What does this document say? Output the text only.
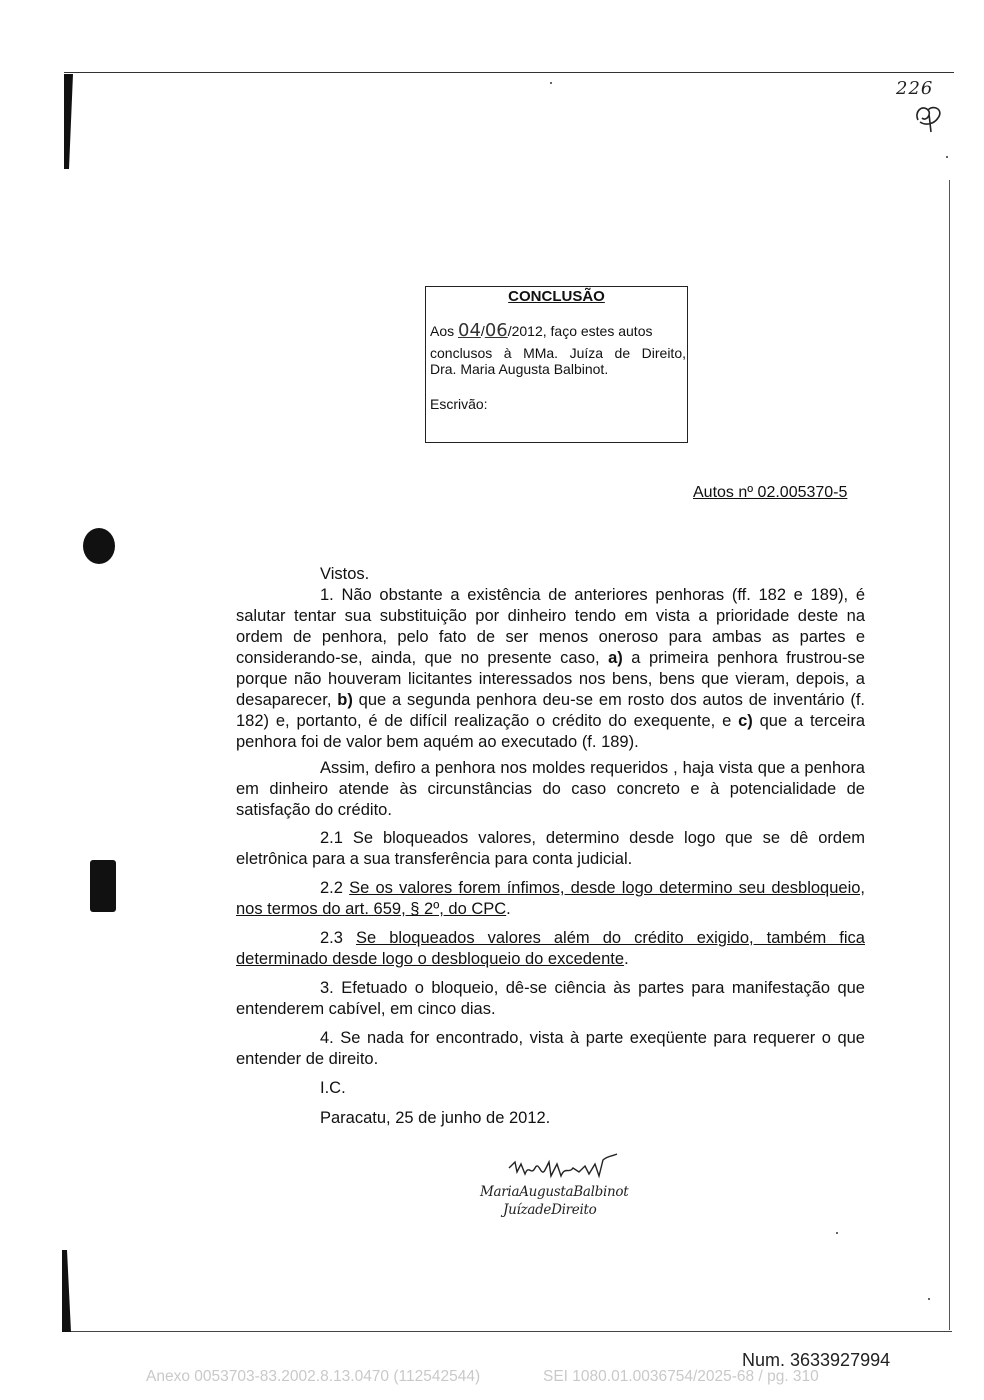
226
CONCLUSÃO
Aos 04/06/2012, faço estes autos
conclusos à MMa. Juíza de Direito,
Dra. Maria Augusta Balbinot.
Escrivão:
Autos nº 02.005370-5
Vistos.
1. Não obstante a existência de anteriores penhoras (ff. 182 e 189), é salutar tentar sua substituição por dinheiro tendo em vista a prioridade deste na ordem de penhora, pelo fato de ser menos oneroso para ambas as partes e considerando-se, ainda, que no presente caso, a) a primeira penhora frustrou-se porque não houveram licitantes interessados nos bens, bens que vieram, depois, a desaparecer, b) que a segunda penhora deu-se em rosto dos autos de inventário (f. 182) e, portanto, é de difícil realização o crédito do exequente, e c) que a terceira penhora foi de valor bem aquém ao executado (f. 189).
Assim, defiro a penhora nos moldes requeridos , haja vista que a penhora em dinheiro atende às circunstâncias do caso concreto e à potencialidade de satisfação do crédito.
2.1 Se bloqueados valores, determino desde logo que se dê ordem eletrônica para a sua transferência para conta judicial.
2.2 Se os valores forem ínfimos, desde logo determino seu desbloqueio, nos termos do art. 659, § 2º, do CPC.
2.3 Se bloqueados valores além do crédito exigido, também fica determinado desde logo o desbloqueio do excedente.
3. Efetuado o bloqueio, dê-se ciência às partes para manifestação que entenderem cabível, em cinco dias.
4. Se nada for encontrado, vista à parte exeqüente para requerer o que entender de direito.
I.C.
Paracatu, 25 de junho de 2012.
MariaAugustaBalbinot
JuízadeDireito
Num. 3633927994
Anexo 0053703-83.2002.8.13.0470 (112542544)	SEI 1080.01.0036754/2025-68 / pg. 310
